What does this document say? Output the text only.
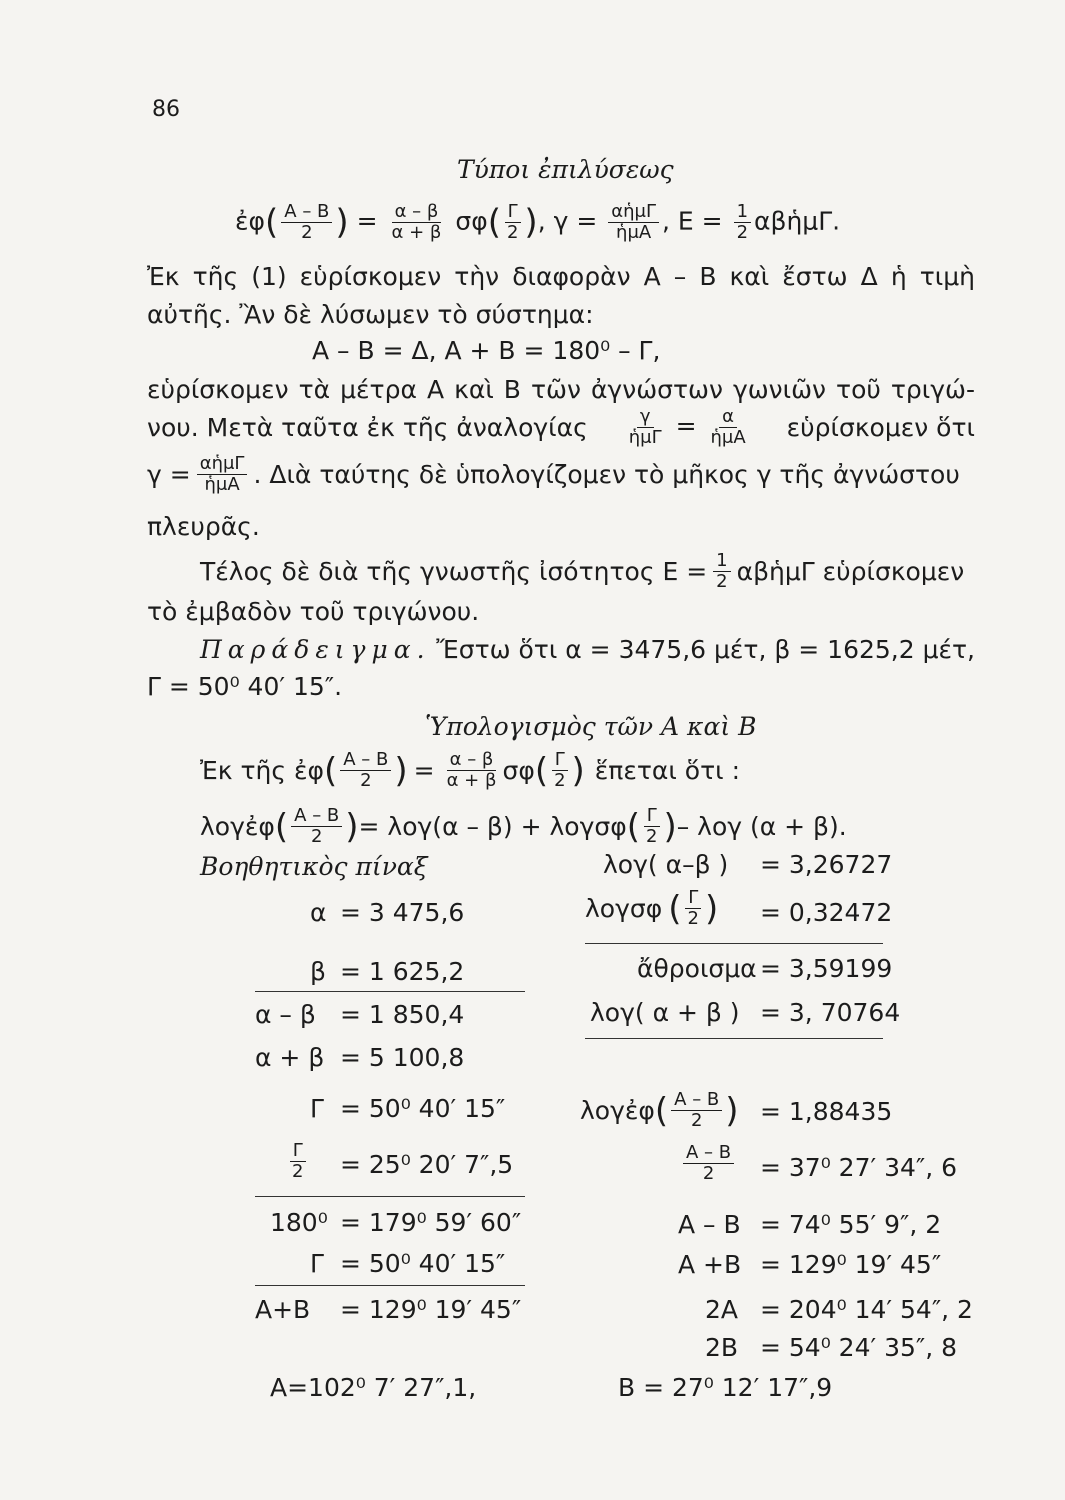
86
Τύποι ἐπιλύσεως
ἐφ( $\frac{A - B}{2}$ ) = $\frac{\alpha - \beta}{\alpha + \beta} \sigma\varphi( \frac{\Gamma}{2}$ ), $\gamma = \frac{\text{αἡμΓ}}{\text{ἡμΑ}}$ , $E = \frac{1}{2}$ αβἡμΓ.
Ἐκ τῆς (1) εὑρίσκομεν τὴν διαφορὰν Α – Β καὶ ἔστω Δ ἡ τιμὴ
αὐτῆς. Ἂν δὲ λύσωμεν τὸ σύστημα:
Α – Β = Δ, Α + Β = 180⁰ – Γ,
εὑρίσκομεν τὰ μέτρα Α καὶ Β τῶν ἀγνώστων γωνιῶν τοῦ τριγώ-
νου. Μετὰ ταῦτα ἐκ τῆς ἀναλογίας $\frac{\gamma}{\text{ἡμΓ}} = \frac{\alpha}{\text{ἡμΑ}}$ εὑρίσκομεν ὅτι
$\gamma = \frac{\text{αἡμΓ}}{\text{ἡμΑ}}$ . Διὰ ταύτης δὲ ὑπολογίζομεν τὸ μῆκος γ τῆς ἀγνώστου
πλευρᾶς.
Τέλος δὲ διὰ τῆς γνωστῆς ἰσότητος $E = \frac{1}{2}$ αβἡμΓ εὑρίσκομεν
τὸ ἐμβαδὸν τοῦ τριγώνου.
Παράδειγμα. Ἔστω ὅτι α = 3475,6 μέτ, β = 1625,2 μέτ,
Γ = 50⁰ 40′ 15″.
Ὑπολογισμὸς τῶν Α καὶ Β
Ἐκ τῆς ἐφ ( $\frac{A - B}{2}$ ) = $\frac{\alpha - \beta}{\alpha + \beta}$ σφ ( $\frac{\Gamma}{2}$ ) ἕπεται ὅτι :
λογἐφ ( $\frac{A - B}{2}$ ) = λογ(α – β) + λογσφ ( $\frac{\Gamma}{2}$ ) – λογ (α + β).
Βοηθητικὸς πίναξ
α = 3 475,6
β = 1 625,2
α – β = 1 850,4
α + β = 5 100,8
Γ = 50⁰ 40′ 15″
$\frac{\Gamma}{2} = 25^0$ 20′ 7″,5
180⁰ = 179⁰ 59′ 60″
Γ = 50⁰ 40′ 15″
Α+Β = 129⁰ 19′ 45″
Α=102⁰ 7′ 27″,1,
λογ( α–β ) = 3,26727
λογσφ ( $\frac{\Gamma}{2}$ ) = 0,32472
ἄθροισμα = 3,59199
λογ( α + β ) = 3, 70764
λογἐφ ( $\frac{A - B}{2}$ ) = 1,88435
$\frac{A - B}{2} = 37^0$ 27′ 34″, 6
Α – Β = 74⁰ 55′ 9″, 2
Α +Β = 129⁰ 19′ 45″
2Α = 204⁰ 14′ 54″, 2
2Β = 54⁰ 24′ 35″, 8
Β = 27⁰ 12′ 17″,9
